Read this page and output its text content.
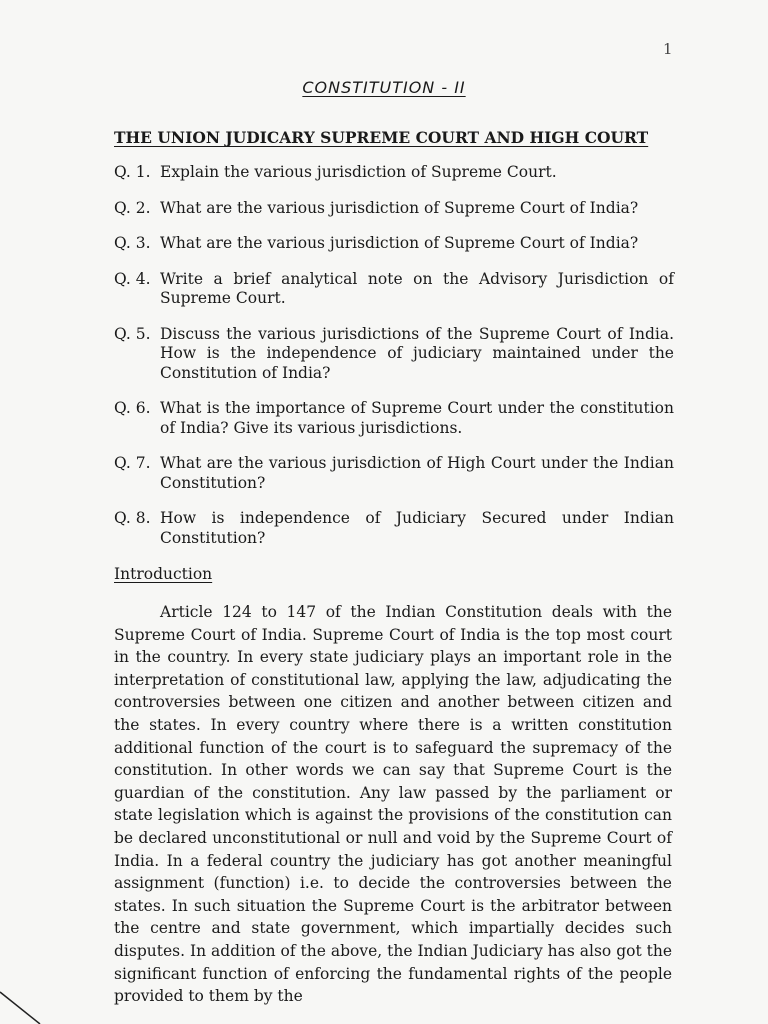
1
CONSTITUTION - II
THE UNION JUDICARY SUPREME COURT AND HIGH COURT
Q. 1. Explain the various jurisdiction of Supreme Court.
Q. 2. What are the various jurisdiction of Supreme Court of India?
Q. 3. What are the various jurisdiction of Supreme Court of India?
Q. 4. Write a brief analytical note on the Advisory Jurisdiction of Supreme Court.
Q. 5. Discuss the various jurisdictions of the Supreme Court of India. How is the independence of judiciary maintained under the Constitution of India?
Q. 6. What is the importance of Supreme Court under the constitution of India? Give its various jurisdictions.
Q. 7. What are the various jurisdiction of High Court under the Indian Constitution?
Q. 8. How is independence of Judiciary Secured under Indian Constitution?
Introduction

Article 124 to 147 of the Indian Constitution deals with the Supreme Court of India. Supreme Court of India is the top most court in the country. In every state judiciary plays an important role in the interpretation of constitutional law, applying the law, adjudicating the controversies between one citizen and another between citizen and the states. In every country where there is a written constitution additional function of the court is to safeguard the supremacy of the constitution. In other words we can say that Supreme Court is the guardian of the constitution. Any law passed by the parliament or state legislation which is against the provisions of the constitution can be declared unconstitutional or null and void by the Supreme Court of India. In a federal country the judiciary has got another meaningful assignment (function) i.e. to decide the controversies between the states. In such situation the Supreme Court is the arbitrator between the centre and state government, which impartially decides such disputes. In addition of the above, the Indian Judiciary has also got the significant function of enforcing the fundamental rights of the people provided to them by the
